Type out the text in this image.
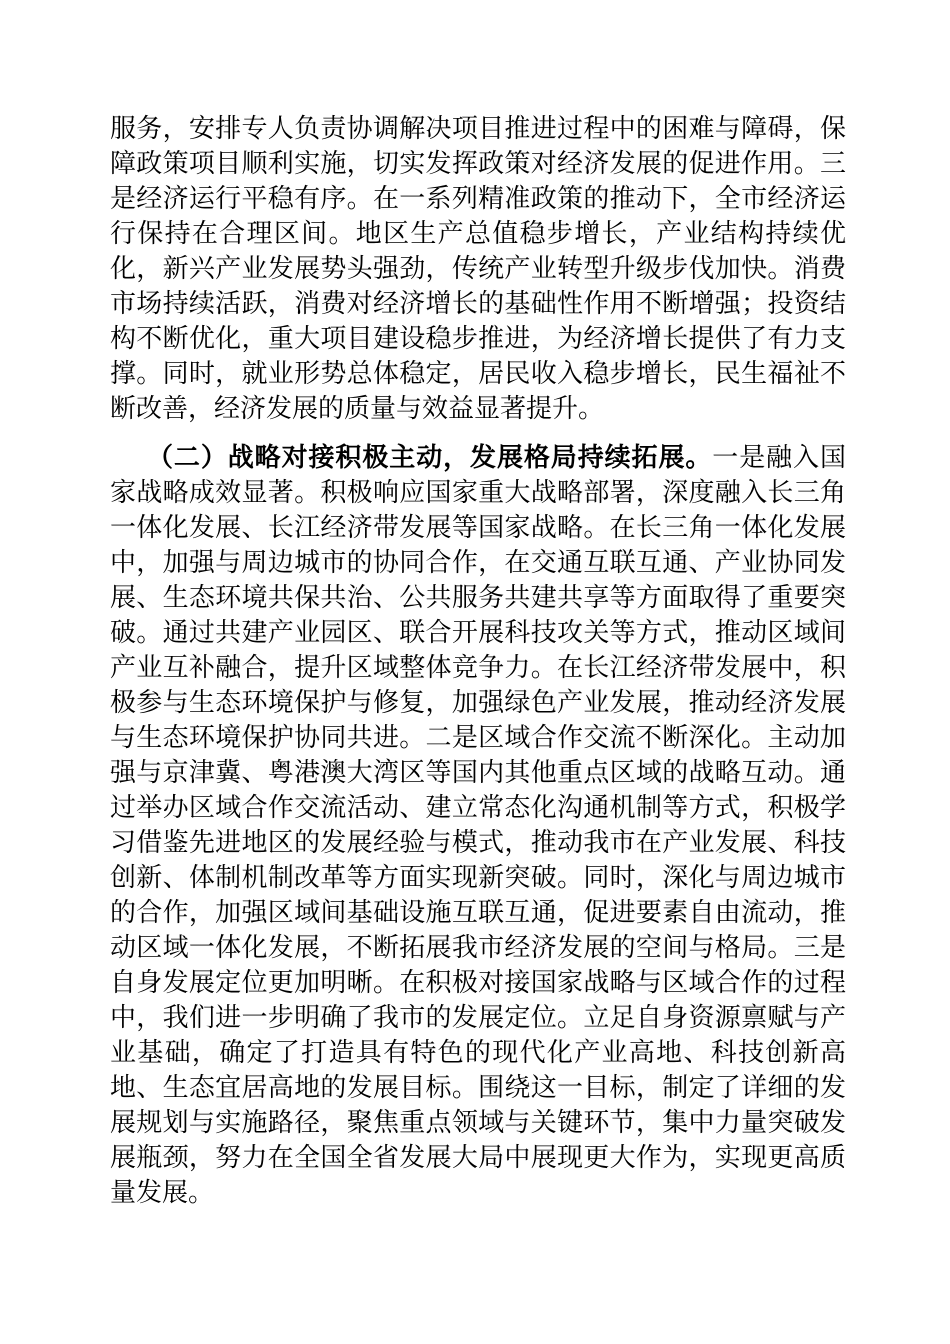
服务，安排专人负责协调解决项目推进过程中的困难与障碍，保障政策项目顺利实施，切实发挥政策对经济发展的促进作用。三是经济运行平稳有序。在一系列精准政策的推动下，全市经济运行保持在合理区间。地区生产总值稳步增长，产业结构持续优化，新兴产业发展势头强劲，传统产业转型升级步伐加快。消费市场持续活跃，消费对经济增长的基础性作用不断增强；投资结构不断优化，重大项目建设稳步推进，为经济增长提供了有力支撑。同时，就业形势总体稳定，居民收入稳步增长，民生福祉不断改善，经济发展的质量与效益显著提升。

（二）战略对接积极主动，发展格局持续拓展。一是融入国家战略成效显著。积极响应国家重大战略部署，深度融入长三角一体化发展、长江经济带发展等国家战略。在长三角一体化发展中，加强与周边城市的协同合作，在交通互联互通、产业协同发展、生态环境共保共治、公共服务共建共享等方面取得了重要突破。通过共建产业园区、联合开展科技攻关等方式，推动区域间产业互补融合，提升区域整体竞争力。在长江经济带发展中，积极参与生态环境保护与修复，加强绿色产业发展，推动经济发展与生态环境保护协同共进。二是区域合作交流不断深化。主动加强与京津冀、粤港澳大湾区等国内其他重点区域的战略互动。通过举办区域合作交流活动、建立常态化沟通机制等方式，积极学习借鉴先进地区的发展经验与模式，推动我市在产业发展、科技创新、体制机制改革等方面实现新突破。同时，深化与周边城市的合作，加强区域间基础设施互联互通，促进要素自由流动，推动区域一体化发展，不断拓展我市经济发展的空间与格局。三是自身发展定位更加明晰。在积极对接国家战略与区域合作的过程中，我们进一步明确了我市的发展定位。立足自身资源禀赋与产业基础，确定了打造具有特色的现代化产业高地、科技创新高地、生态宜居高地的发展目标。围绕这一目标，制定了详细的发展规划与实施路径，聚焦重点领域与关键环节，集中力量突破发展瓶颈，努力在全国全省发展大局中展现更大作为，实现更高质量发展。
